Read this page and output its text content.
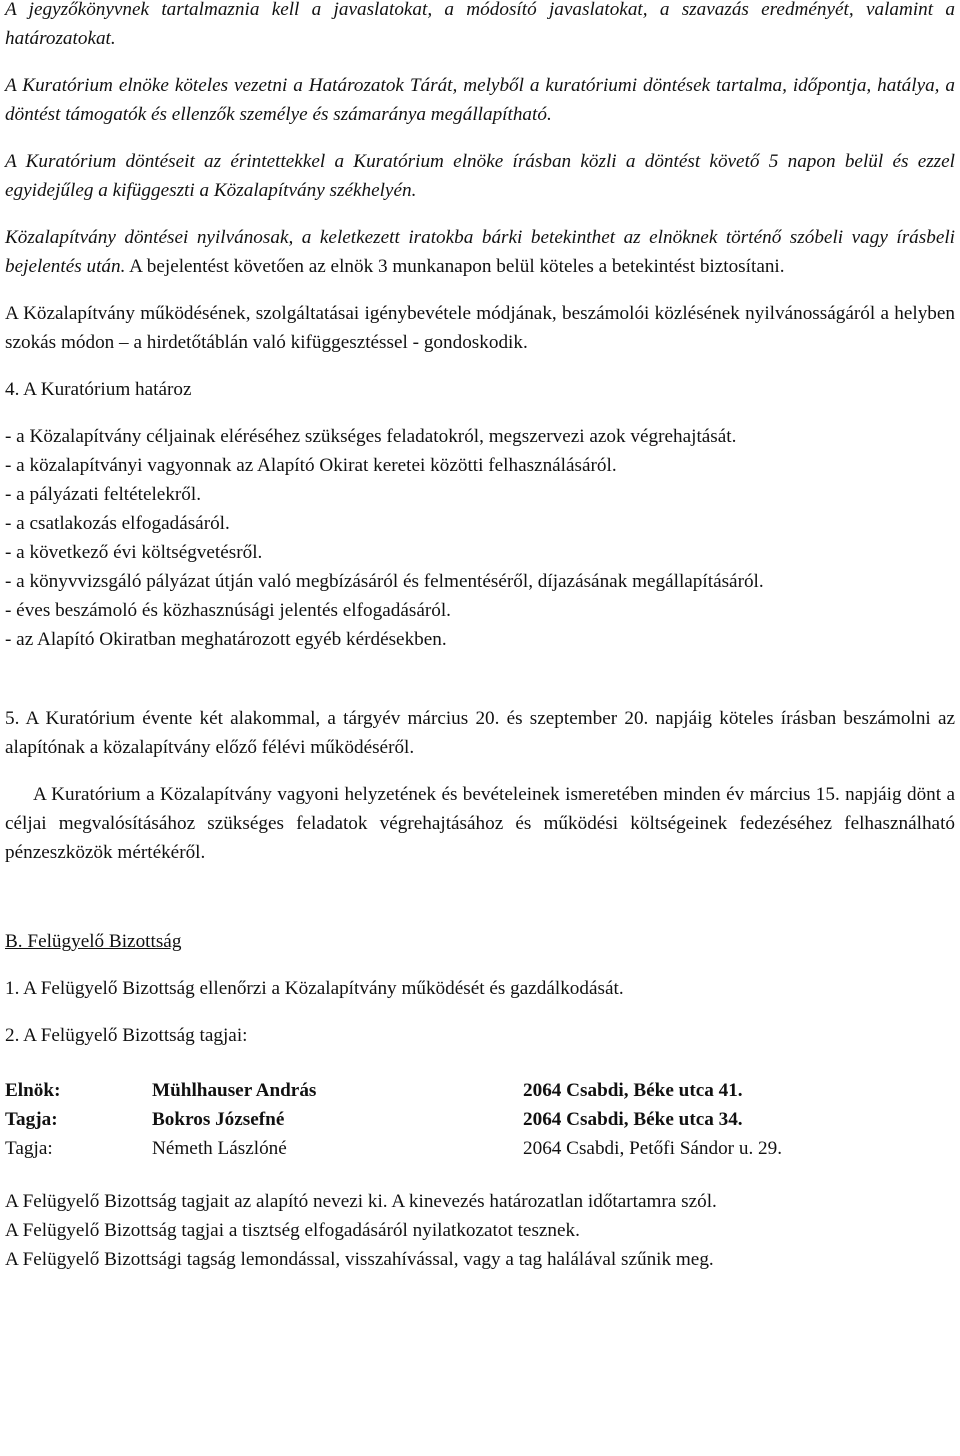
A jegyzőkönyvnek tartalmaznia kell a javaslatokat, a módosító javaslatokat, a szavazás eredményét, valamint a határozatokat.

A Kuratórium elnöke köteles vezetni a Határozatok Tárát, melyből a kuratóriumi döntések tartalma, időpontja, hatálya, a döntést támogatók és ellenzők személye és számaránya megállapítható.

A Kuratórium döntéseit az érintettekkel a Kuratórium elnöke írásban közli a döntést követő 5 napon belül és ezzel egyidejűleg a kifüggeszti a Közalapítvány székhelyén.

Közalapítvány döntései nyilvánosak, a keletkezett iratokba bárki betekinthet az elnöknek történő szóbeli vagy írásbeli bejelentés után. A bejelentést követően az elnök 3 munkanapon belül köteles a betekintést biztosítani.

A Közalapítvány működésének, szolgáltatásai igénybevétele módjának, beszámolói közlésének nyilvánosságáról a helyben szokás módon – a hirdetőtáblán való kifüggesztéssel - gondoskodik.

4. A Kuratórium határoz

- a Közalapítvány céljainak eléréséhez szükséges feladatokról, megszervezi azok végrehajtását.

- a közalapítványi vagyonnak az Alapító Okirat keretei közötti felhasználásáról.

- a pályázati feltételekről.

- a csatlakozás elfogadásáról.

- a következő évi költségvetésről.

- a könyvvizsgáló pályázat útján való megbízásáról és felmentéséről, díjazásának megállapításáról.

- éves beszámoló és közhasznúsági jelentés elfogadásáról.

- az Alapító Okiratban meghatározott egyéb kérdésekben.

5. A Kuratórium évente két alakommal, a tárgyév március 20. és szeptember 20. napjáig köteles írásban beszámolni az alapítónak a közalapítvány előző félévi működéséről.

A Kuratórium a Közalapítvány vagyoni helyzetének és bevételeinek ismeretében minden év március 15. napjáig dönt a céljai megvalósításához szükséges feladatok végrehajtásához és működési költségeinek fedezéséhez felhasználható pénzeszközök mértékéről.

B. Felügyelő Bizottság

1. A Felügyelő Bizottság ellenőrzi a Közalapítvány működését és gazdálkodását.

2. A Felügyelő Bizottság tagjai:

Elnök:	Mühlhauser András	2064 Csabdi, Béke utca 41.
Tagja:	Bokros Józsefné	2064 Csabdi, Béke utca 34.
Tagja:	Németh Lászlóné	2064 Csabdi, Petőfi Sándor u. 29.

A Felügyelő Bizottság tagjait az alapító nevezi ki. A kinevezés határozatlan időtartamra szól.

A Felügyelő Bizottság tagjai a tisztség elfogadásáról nyilatkozatot tesznek.

A Felügyelő Bizottsági tagság lemondással, visszahívással, vagy a tag halálával szűnik meg.
